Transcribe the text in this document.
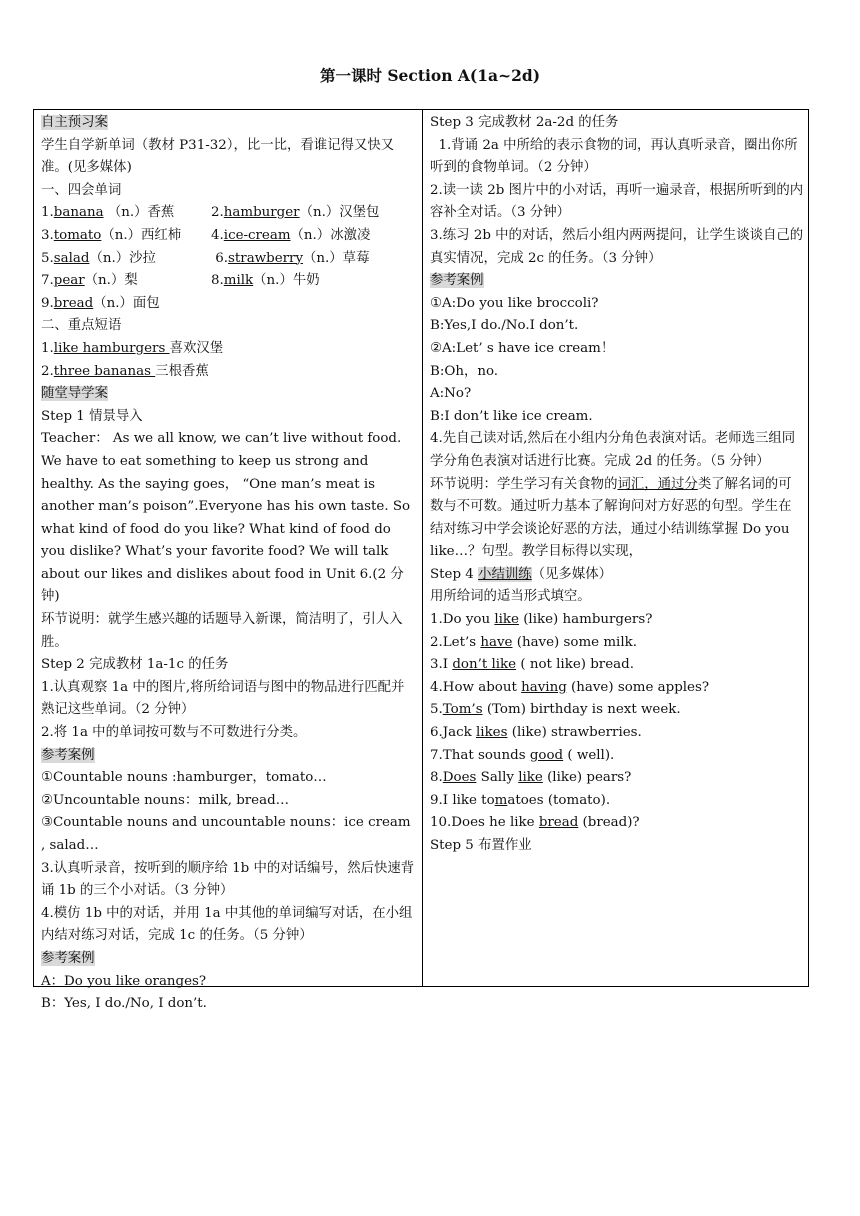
第一课时 Section A(1a~2d)

自主预习案

学生自学新单词（教材 P31-32），比一比，看谁记得又快又准。(见多媒体)

一、四会单词

1.banana （n.）香蕉	2.hamburger（n.）汉堡包
3.tomato（n.）西红柿	4.ice-cream（n.）冰激凌
5.salad（n.）沙拉	6.strawberry（n.）草莓
7.pear（n.）梨	8.milk（n.）牛奶

9.bread（n.）面包

二、重点短语

1.like hamburgers 喜欢汉堡

2.three bananas 三根香蕉

随堂导学案

Step 1 情景导入

Teacher： As we all know, we can’t live without food. We have to eat something to keep us strong and healthy. As the saying goes， “One man’s meat is another man’s poison”.Everyone has his own taste. So what kind of food do you like? What kind of food do you dislike? What’s your favorite food? We will talk about our likes and dislikes about food in Unit 6.(2 分钟)

环节说明：就学生感兴趣的话题导入新课，简洁明了，引人入胜。

Step 2 完成教材 1a-1c 的任务

1.认真观察 1a 中的图片,将所给词语与图中的物品进行匹配并熟记这些单词。（2 分钟）

2.将 1a 中的单词按可数与不可数进行分类。

参考案例

①Countable nouns :hamburger，tomato…

②Uncountable nouns：milk, bread…

③Countable nouns and uncountable nouns：ice cream , salad…

3.认真听录音，按听到的顺序给 1b 中的对话编号，然后快速背诵 1b 的三个小对话。（3 分钟）

4.模仿 1b 中的对话，并用 1a 中其他的单词编写对话，在小组内结对练习对话，完成 1c 的任务。（5 分钟）

参考案例

A：Do you like oranges?

B：Yes, I do./No, I don’t.

Step 3 完成教材 2a-2d 的任务

1.背诵 2a 中所给的表示食物的词，再认真听录音，圈出你所听到的食物单词。（2 分钟）

2.读一读 2b 图片中的小对话，再听一遍录音，根据所听到的内容补全对话。（3 分钟）

3.练习 2b 中的对话，然后小组内两两提问，让学生谈谈自己的真实情况，完成 2c 的任务。（3 分钟）

参考案例

①A:Do you like broccoli?

B:Yes,I do./No.I don’t.

②A:Let’ s have ice cream！

B:Oh，no.

A:No?

B:I don’t like ice cream.

4.先自己读对话,然后在小组内分角色表演对话。老师选三组同学分角色表演对话进行比赛。完成 2d 的任务。（5 分钟）

环节说明：学生学习有关食物的词汇，通过分类了解名词的可数与不可数。通过听力基本了解询问对方好恶的句型。学生在结对练习中学会谈论好恶的方法，通过小结训练掌握 Do you like…？句型。教学目标得以实现，

Step 4 小结训练（见多媒体）

用所给词的适当形式填空。

1.Do you like (like) hamburgers?

2.Let’s have (have) some milk.

3.I don’t like ( not like) bread.

4.How about having (have) some apples?

5.Tom’s (Tom) birthday is next week.

6.Jack likes (like) strawberries.

7.That sounds good ( well).

8.Does Sally like (like) pears?

9.I like tomatoes (tomato).

10.Does he like bread (bread)?

Step 5 布置作业
